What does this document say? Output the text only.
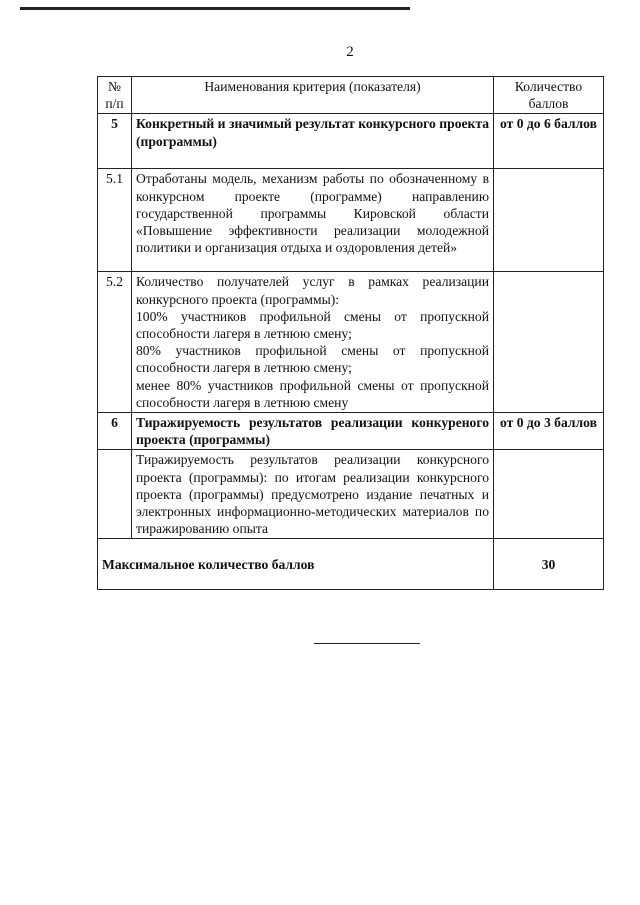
2
№ п/п	Наименования критерия (показателя)	Количество баллов
5	Конкретный и значимый результат конкурсного проекта (программы)	от 0 до 6 баллов
5.1	Отработаны модель, механизм работы по обозначенному в конкурсном проекте (программе) направлению государственной программы Кировской области «Повышение эффективности реализации молодежной политики и организация отдыха и оздоровления детей»	
5.2	Количество получателей услуг в рамках реализации конкурсного проекта (программы):
100% участников профильной смены от пропускной способности лагеря в летнюю смену;
80% участников профильной смены от пропускной способности лагеря в летнюю смену;
менее 80% участников профильной смены от пропускной способности лагеря в летнюю смену	

6	Тиражируемость результатов реализации конкуреного проекта (программы)	от 0 до 3 баллов
	Тиражируемость результатов реализации конкурсного проекта (программы): по итогам реализации конкурсного проекта (программы) предусмотрено издание печатных и электронных информационно-методических материалов по тиражированию опыта	
Максимальное количество баллов		30
